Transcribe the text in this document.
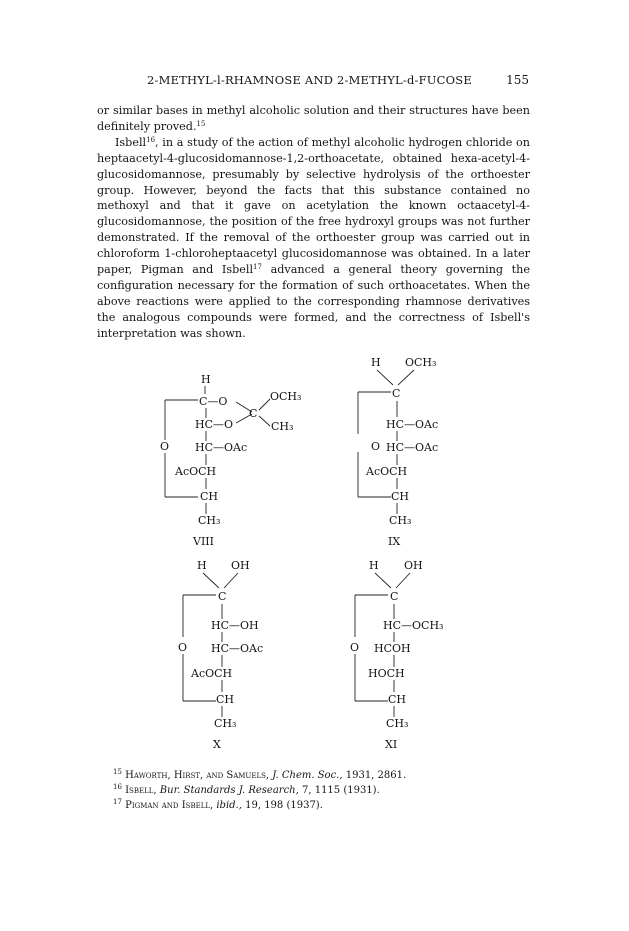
2-METHYL-l-RHAMNOSE AND 2-METHYL-d-FUCOSE	155

or similar bases in methyl alcoholic solution and their structures have been definitely proved.$^{15}$

Isbell$^{16}$, in a study of the action of methyl alcoholic hydrogen chloride on heptaacetyl-4-glucosidomannose-1,2-orthoacetate, obtained hexa-acetyl-4-glucosidomannose, presumably by selective hydrolysis of the orthoester group. However, beyond the facts that this substance contained no methoxyl and that it gave on acetylation the known octaacetyl-4-glucosidomannose, the position of the free hydroxyl groups was not further demonstrated. If the removal of the orthoester group was carried out in chloroform 1-chloroheptaacetyl glucosidomannose was obtained. In a later paper, Pigman and Isbell$^{17}$ advanced a general theory governing the configuration necessary for the formation of such orthoacetates. When the above reactions were applied to the corresponding rhamnose derivatives the analogous compounds were formed, and the correctness of Isbell's interpretation was shown.

H
C—O
O
C
OCH₃
CH₃
HC—O
HC—OAc
AcOCH
CH
CH₃
VIII
H OCH₃
C
O
HC—OAc
HC—OAc
AcOCH
CH
CH₃
IX
H OH
C
O
HC—OH
HC—OAc
AcOCH
CH
CH₃
X
H OH
C
O
HC—OCH₃
HCOH
HOCH
CH
CH₃
XI
$^{15}$ Haworth, Hirst, and Samuels, J. Chem. Soc., 1931, 2861.
$^{16}$ Isbell, Bur. Standards J. Research, 7, 1115 (1931).
$^{17}$ Pigman and Isbell, ibid., 19, 198 (1937).
